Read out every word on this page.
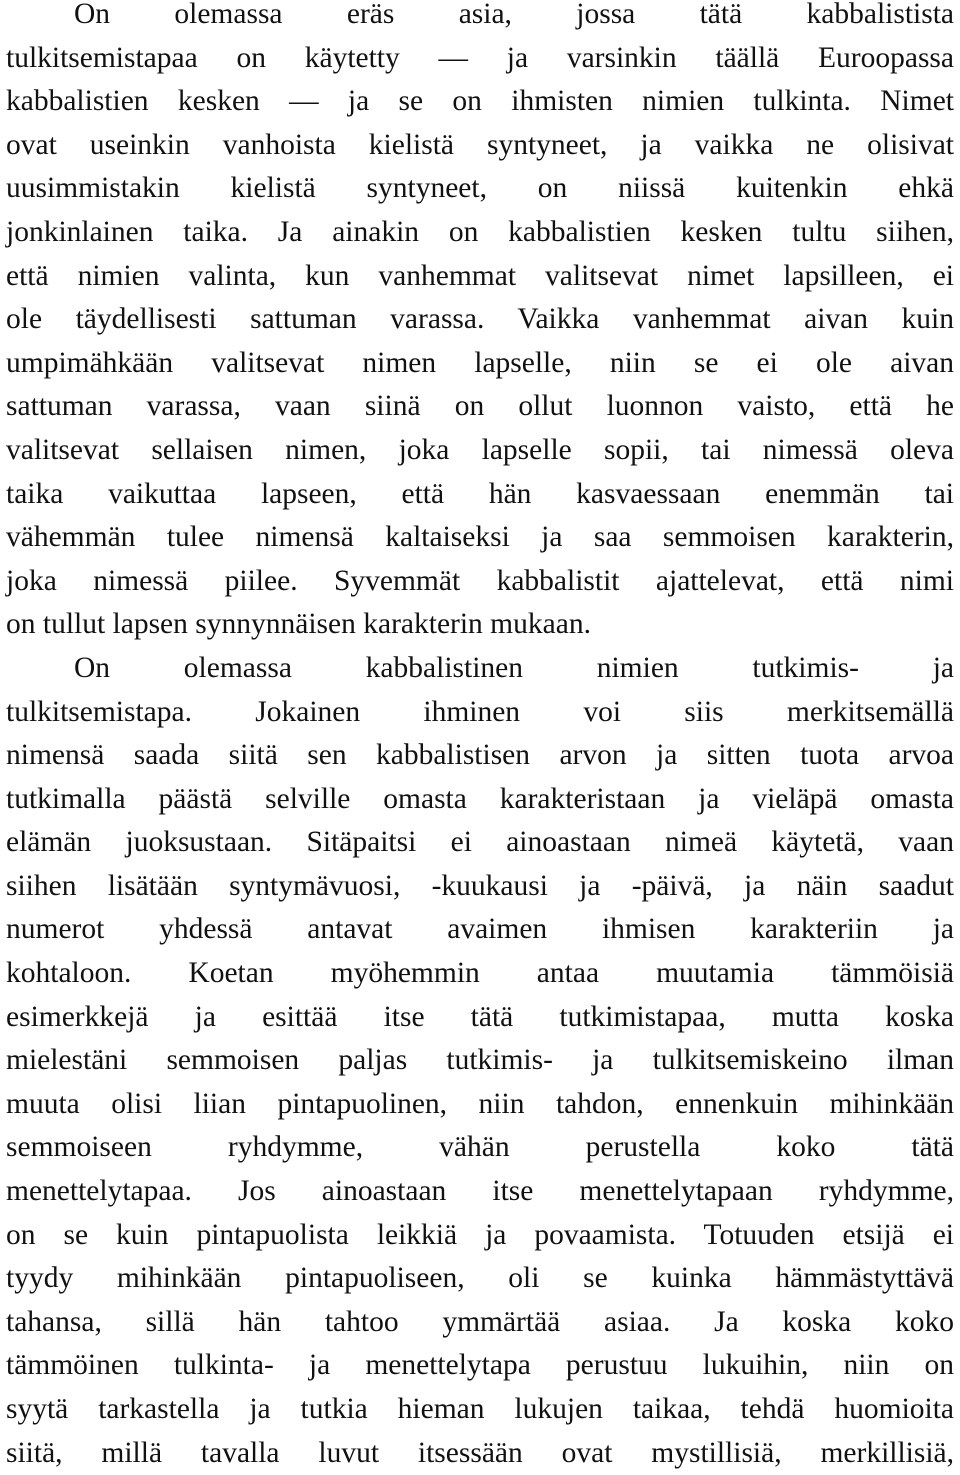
On olemassa eräs asia, jossa tätä kabbalistista
tulkitsemistapaa on käytetty — ja varsinkin täällä Euroopassa
kabbalistien kesken — ja se on ihmisten nimien tulkinta. Nimet
ovat useinkin vanhoista kielistä syntyneet, ja vaikka ne olisivat
uusimmistakin kielistä syntyneet, on niissä kuitenkin ehkä
jonkinlainen taika. Ja ainakin on kabbalistien kesken tultu siihen,
että nimien valinta, kun vanhemmat valitsevat nimet lapsilleen, ei
ole täydellisesti sattuman varassa. Vaikka vanhemmat aivan kuin
umpimähkään valitsevat nimen lapselle, niin se ei ole aivan
sattuman varassa, vaan siinä on ollut luonnon vaisto, että he
valitsevat sellaisen nimen, joka lapselle sopii, tai nimessä oleva
taika vaikuttaa lapseen, että hän kasvaessaan enemmän tai
vähemmän tulee nimensä kaltaiseksi ja saa semmoisen karakterin,
joka nimessä piilee. Syvemmät kabbalistit ajattelevat, että nimi
on tullut lapsen synnynnäisen karakterin mukaan.
On olemassa kabbalistinen nimien tutkimis- ja
tulkitsemistapa. Jokainen ihminen voi siis merkitsemällä
nimensä saada siitä sen kabbalistisen arvon ja sitten tuota arvoa
tutkimalla päästä selville omasta karakteristaan ja vieläpä omasta
elämän juoksustaan. Sitäpaitsi ei ainoastaan nimeä käytetä, vaan
siihen lisätään syntymävuosi, -kuukausi ja -päivä, ja näin saadut
numerot yhdessä antavat avaimen ihmisen karakteriin ja
kohtaloon. Koetan myöhemmin antaa muutamia tämmöisiä
esimerkkejä ja esittää itse tätä tutkimistapaa, mutta koska
mielestäni semmoisen paljas tutkimis- ja tulkitsemiskeino ilman
muuta olisi liian pintapuolinen, niin tahdon, ennenkuin mihinkään
semmoiseen ryhdymme, vähän perustella koko tätä
menettelytapaa. Jos ainoastaan itse menettelytapaan ryhdymme,
on se kuin pintapuolista leikkiä ja povaamista. Totuuden etsijä ei
tyydy mihinkään pintapuoliseen, oli se kuinka hämmästyttävä
tahansa, sillä hän tahtoo ymmärtää asiaa. Ja koska koko
tämmöinen tulkinta- ja menettelytapa perustuu lukuihin, niin on
syytä tarkastella ja tutkia hieman lukujen taikaa, tehdä huomioita
siitä, millä tavalla luvut itsessään ovat mystillisiä, merkillisiä,
